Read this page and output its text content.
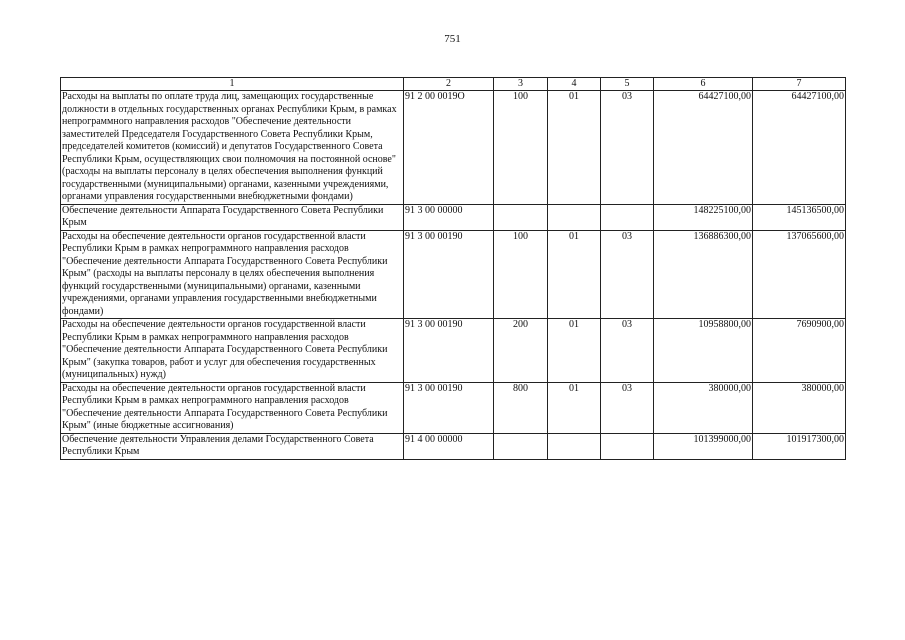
751
1	2	3	4	5	6	7
Расходы на выплаты по оплате труда лиц, замещающих государственные должности в отдельных государственных органах Республики Крым, в рамках непрограммного направления расходов "Обеспечение деятельности заместителей Председателя Государственного Совета Республики Крым, председателей комитетов (комиссий) и депутатов Государственного Совета Республики Крым, осуществляющих свои полномочия на постоянной основе" (расходы на выплаты персоналу в целях обеспечения выполнения функций государственными (муниципальными) органами, казенными учреждениями, органами управления государственными внебюджетными фондами)	91 2 00 0019O	100	01	03	64427100,00	64427100,00
Обеспечение деятельности Аппарата Государственного Совета Республики Крым	91 3 00 00000				148225100,00	145136500,00
Расходы на обеспечение деятельности органов государственной власти Республики Крым в рамках непрограммного направления расходов "Обеспечение деятельности Аппарата Государственного Совета Республики Крым" (расходы на выплаты персоналу в целях обеспечения выполнения функций государственными (муниципальными) органами, казенными учреждениями, органами управления государственными внебюджетными фондами)	91 3 00 00190	100	01	03	136886300,00	137065600,00
Расходы на обеспечение деятельности органов государственной власти Республики Крым в рамках непрограммного направления расходов "Обеспечение деятельности Аппарата Государственного Совета Республики Крым" (закупка товаров, работ и услуг для обеспечения государственных (муниципальных) нужд)	91 3 00 00190	200	01	03	10958800,00	7690900,00
Расходы на обеспечение деятельности органов государственной власти Республики Крым в рамках непрограммного направления расходов "Обеспечение деятельности Аппарата Государственного Совета Республики Крым" (иные бюджетные ассигнования)	91 3 00 00190	800	01	03	380000,00	380000,00
Обеспечение деятельности Управления делами Государственного Совета Республики Крым	91 4 00 00000				101399000,00	101917300,00
